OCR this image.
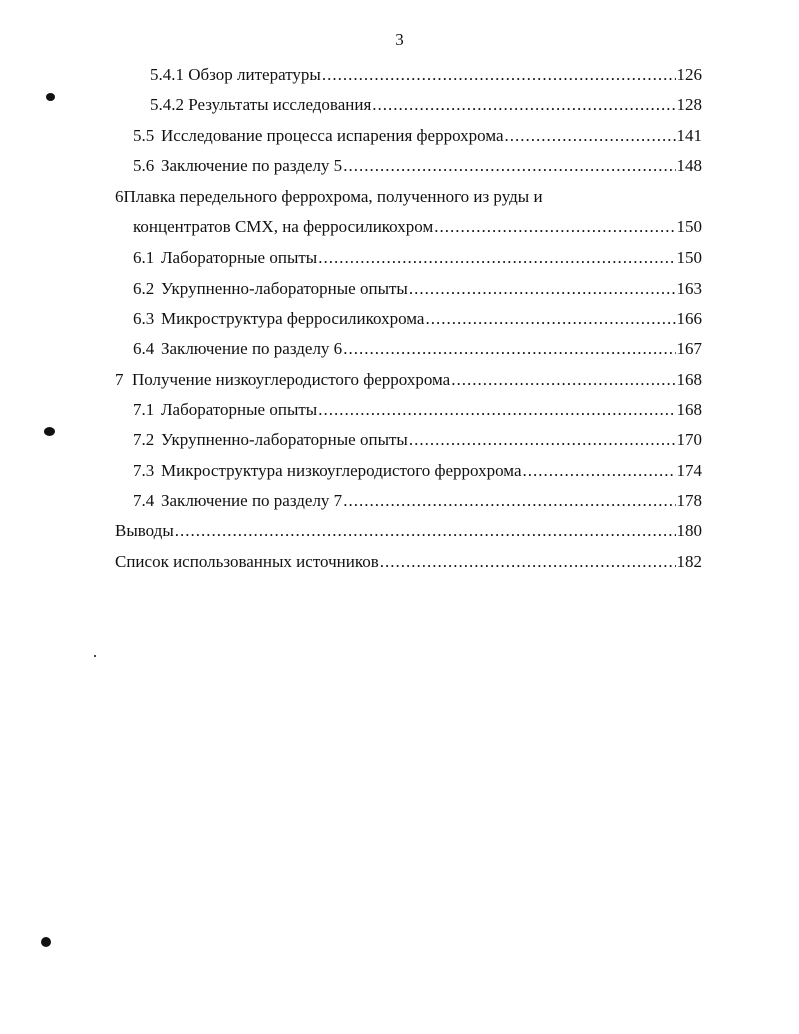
3
5.4.1 Обзор литературы .....	126
5.4.2 Результаты исследования .....	128
5.5 Исследование процесса испарения феррохрома .....	141
5.6 Заключение по разделу 5 .....	148
6Плавка передельного феррохрома, полученного из руды и
концентратов СМХ, на ферросиликохром .....	150
6.1 Лабораторные опыты .....	150
6.2 Укрупненно-лабораторные опыты .....	163
6.3 Микроструктура ферросиликохрома .....	166
6.4 Заключение по разделу 6 .....	167
7 Получение низкоуглеродистого феррохрома .....	168
7.1 Лабораторные опыты .....	168
7.2 Укрупненно-лабораторные опыты .....	170
7.3 Микроструктура низкоуглеродистого феррохрома .....	174
7.4 Заключение по разделу 7 .....	178
Выводы .....	180
Список использованных источников .....	182
